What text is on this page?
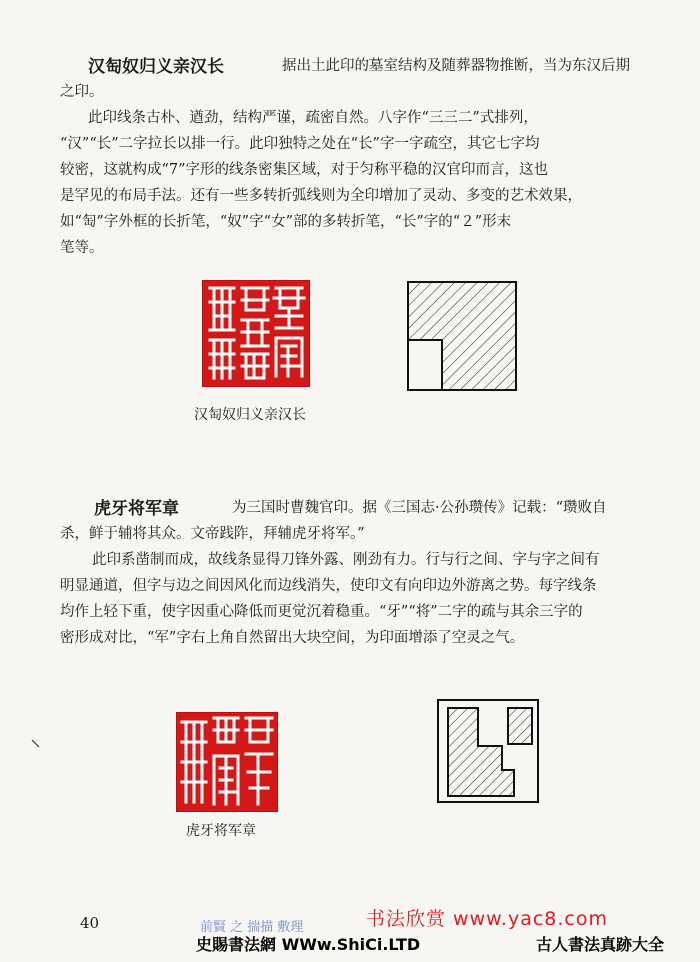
汉匋奴归义亲汉长	据出土此印的墓室结构及随葬器物推断，当为东汉后期
之印。
此印线条古朴、遒劲，结构严谨，疏密自然。八字作“三三二”式排列，
“汉”“长”二字拉长以排一行。此印独特之处在“长”字一字疏空，其它七字均
较密，这就构成“7”字形的线条密集区域，对于匀称平稳的汉官印而言，这也
是罕见的布局手法。还有一些多转折弧线则为全印增加了灵动、多变的艺术效果，
如“匋”字外框的长折笔，“奴”字“女”部的多转折笔，“长”字的“２”形末
笔等。
汉匋奴归义亲汉长
虎牙将军章	为三国时曹魏官印。据《三国志·公孙瓒传》记载：“瓒败自
杀，鲜于辅将其众。文帝践阼，拜辅虎牙将军。”
此印系凿制而成，故线条显得刀锋外露、刚劲有力。行与行之间、字与字之间有
明显通道，但字与边之间因风化而边线消失，使印文有向印边外游离之势。每字线条
均作上轻下重，使字因重心降低而更觉沉着稳重。“牙”“将”二字的疏与其余三字的
密形成对比，“军”字右上角自然留出大块空间，为印面增添了空灵之气。
虎牙将军章
40	前賢 之 揣描 敷理	书法欣赏 www.yac8.com
史賜書法網 WWw.ShiCi.LTD	古人書法真跡大全
